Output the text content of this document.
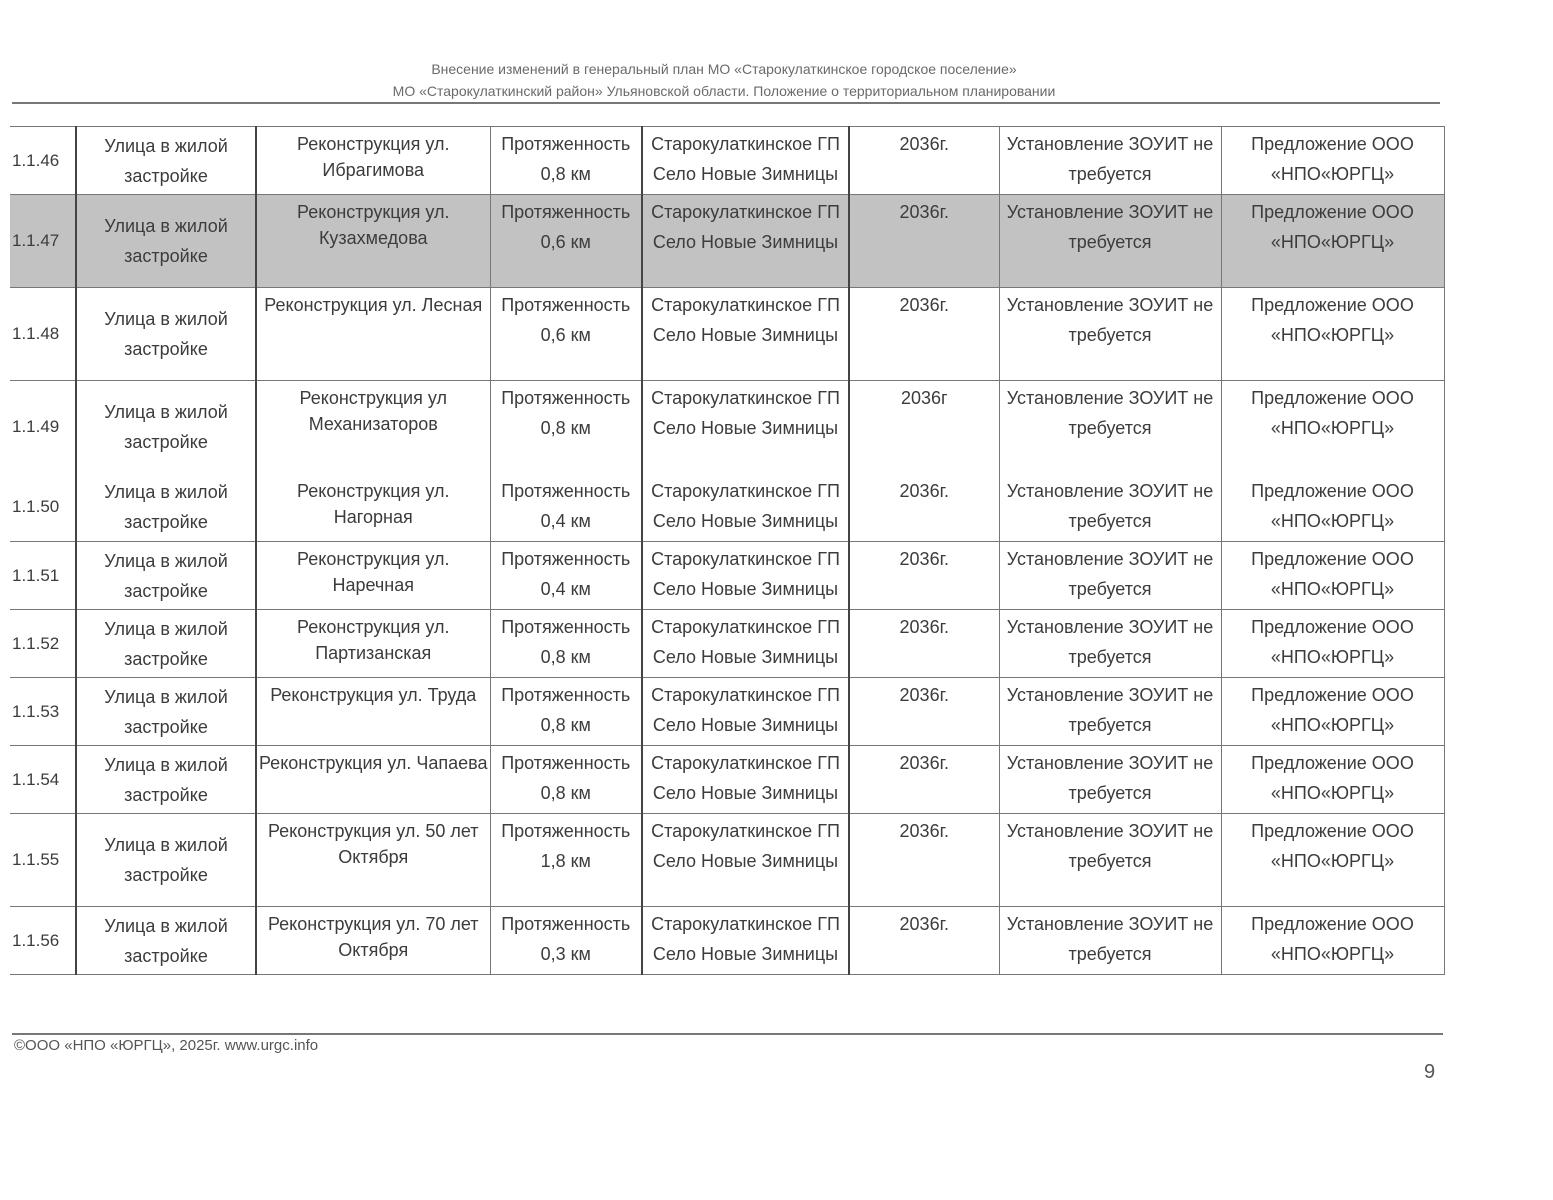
Внесение изменений в генеральный план МО «Старокулаткинское городское поселение»
МО «Старокулаткинский район» Ульяновской области. Положение о территориальном планировании
1.1.46	Улица в жилой застройке	Реконструкция ул. Ибрагимова	Протяженность 0,8 км	Старокулаткинское ГП Село Новые Зимницы	2036г.	Установление ЗОУИТ не требуется	Предложение ООО «НПО«ЮРГЦ»
1.1.47	Улица в жилой застройке	Реконструкция ул. Кузахмедова	Протяженность 0,6 км	Старокулаткинское ГП Село Новые Зимницы	2036г.	Установление ЗОУИТ не требуется	Предложение ООО «НПО«ЮРГЦ»
1.1.48	Улица в жилой застройке	Реконструкция ул. Лесная	Протяженность 0,6 км	Старокулаткинское ГП Село Новые Зимницы	2036г.	Установление ЗОУИТ не требуется	Предложение ООО «НПО«ЮРГЦ»
1.1.49	Улица в жилой застройке	Реконструкция ул Механизаторов	Протяженность 0,8 км	Старокулаткинское ГП Село Новые Зимницы	2036г	Установление ЗОУИТ не требуется	Предложение ООО «НПО«ЮРГЦ»
1.1.50	Улица в жилой застройке	Реконструкция ул. Нагорная	Протяженность 0,4 км	Старокулаткинское ГП Село Новые Зимницы	2036г.	Установление ЗОУИТ не требуется	Предложение ООО «НПО«ЮРГЦ»
1.1.51	Улица в жилой застройке	Реконструкция ул. Наречная	Протяженность 0,4 км	Старокулаткинское ГП Село Новые Зимницы	2036г.	Установление ЗОУИТ не требуется	Предложение ООО «НПО«ЮРГЦ»
1.1.52	Улица в жилой застройке	Реконструкция ул. Партизанская	Протяженность 0,8 км	Старокулаткинское ГП Село Новые Зимницы	2036г.	Установление ЗОУИТ не требуется	Предложение ООО «НПО«ЮРГЦ»
1.1.53	Улица в жилой застройке	Реконструкция ул. Труда	Протяженность 0,8 км	Старокулаткинское ГП Село Новые Зимницы	2036г.	Установление ЗОУИТ не требуется	Предложение ООО «НПО«ЮРГЦ»
1.1.54	Улица в жилой застройке	Реконструкция ул. Чапаева	Протяженность 0,8 км	Старокулаткинское ГП Село Новые Зимницы	2036г.	Установление ЗОУИТ не требуется	Предложение ООО «НПО«ЮРГЦ»
1.1.55	Улица в жилой застройке	Реконструкция ул. 50 лет Октября	Протяженность 1,8 км	Старокулаткинское ГП Село Новые Зимницы	2036г.	Установление ЗОУИТ не требуется	Предложение ООО «НПО«ЮРГЦ»
1.1.56	Улица в жилой застройке	Реконструкция ул. 70 лет Октября	Протяженность 0,3 км	Старокулаткинское ГП Село Новые Зимницы	2036г.	Установление ЗОУИТ не требуется	Предложение ООО «НПО«ЮРГЦ»
©ООО «НПО «ЮРГЦ», 2025г. www.urgc.info
9
